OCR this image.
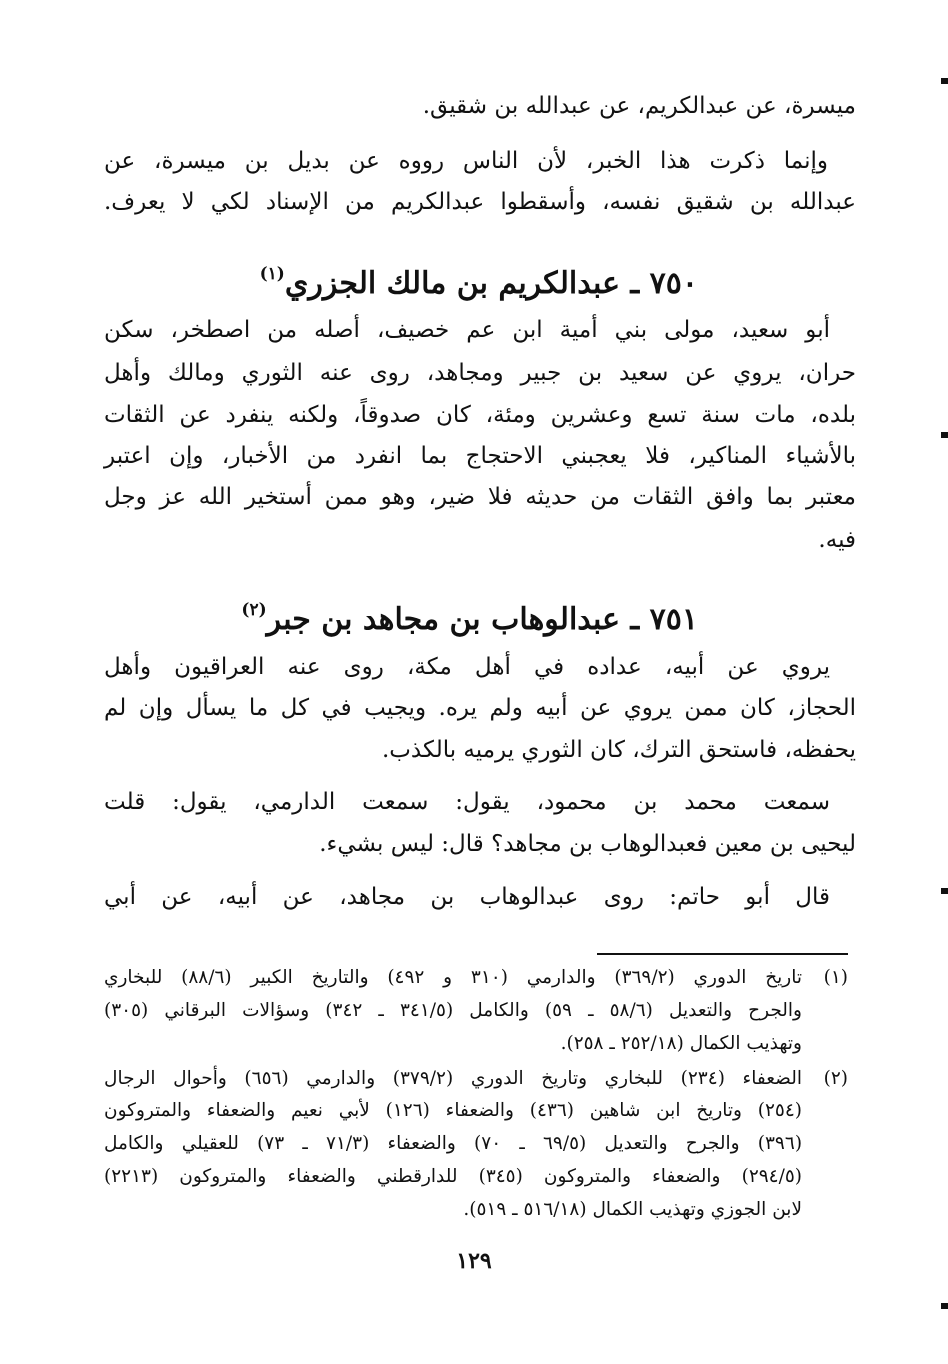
ميسرة، عن عبدالكريم، عن عبدالله بن شقيق.
وإنما ذكرت هذا الخبر، لأن الناس رووه عن بديل بن ميسرة، عن
عبدالله بن شقيق نفسه، وأسقطوا عبدالكريم من الإسناد لكي لا يعرف.
٧٥٠ ـ عبدالكريم بن مالك الجزري$^{(١)}$
أبو سعيد، مولى بني أمية ابن عم خصيف، أصله من اصطخر، سكن
حران، يروي عن سعيد بن جبير ومجاهد، روى عنه الثوري ومالك وأهل
بلده، مات سنة تسع وعشرين ومئة، كان صدوقاً، ولكنه ينفرد عن الثقات
بالأشياء المناكير، فلا يعجبني الاحتجاج بما انفرد من الأخبار، وإن اعتبر
معتبر بما وافق الثقات من حديثه فلا ضير، وهو ممن أستخير الله عز وجل
فيه.
٧٥١ ـ عبدالوهاب بن مجاهد بن جبر$^{(٢)}$
يروي عن أبيه، عداده في أهل مكة، روى عنه العراقيون وأهل
الحجاز، كان ممن يروي عن أبيه ولم يره. ويجيب في كل ما يسأل وإن لم
يحفظه، فاستحق الترك، كان الثوري يرميه بالكذب.
سمعت محمد بن محمود، يقول: سمعت الدارمي، يقول: قلت
ليحيى بن معين فعبدالوهاب بن مجاهد؟ قال: ليس بشيء.
قال أبو حاتم: روى عبدالوهاب بن مجاهد، عن أبيه، عن أبي
(١)
تاريخ الدوري (٣٦٩/٢) والدارمي (٣١٠ و ٤٩٢) والتاريخ الكبير (٨٨/٦) للبخاري
والجرح والتعديل (٥٨/٦ ـ ٥٩) والكامل (٣٤١/٥ ـ ٣٤٢) وسؤالات البرقاني (٣٠٥)
وتهذيب الكمال (٢٥٢/١٨ ـ ٢٥٨).
(٢)
الضعفاء (٢٣٤) للبخاري وتاريخ الدوري (٣٧٩/٢) والدارمي (٦٥٦) وأحوال الرجال
(٢٥٤) وتاريخ ابن شاهين (٤٣٦) والضعفاء (١٢٦) لأبي نعيم والضعفاء والمتروكون
(٣٩٦) والجرح والتعديل (٦٩/٥ ـ ٧٠) والضعفاء (٧١/٣ ـ ٧٣) للعقيلي والكامل
(٢٩٤/٥) والضعفاء والمتروكون (٣٤٥) للدارقطني والضعفاء والمتروكون (٢٢١٣)
لابن الجوزي وتهذيب الكمال (٥١٦/١٨ ـ ٥١٩).
١٢٩
